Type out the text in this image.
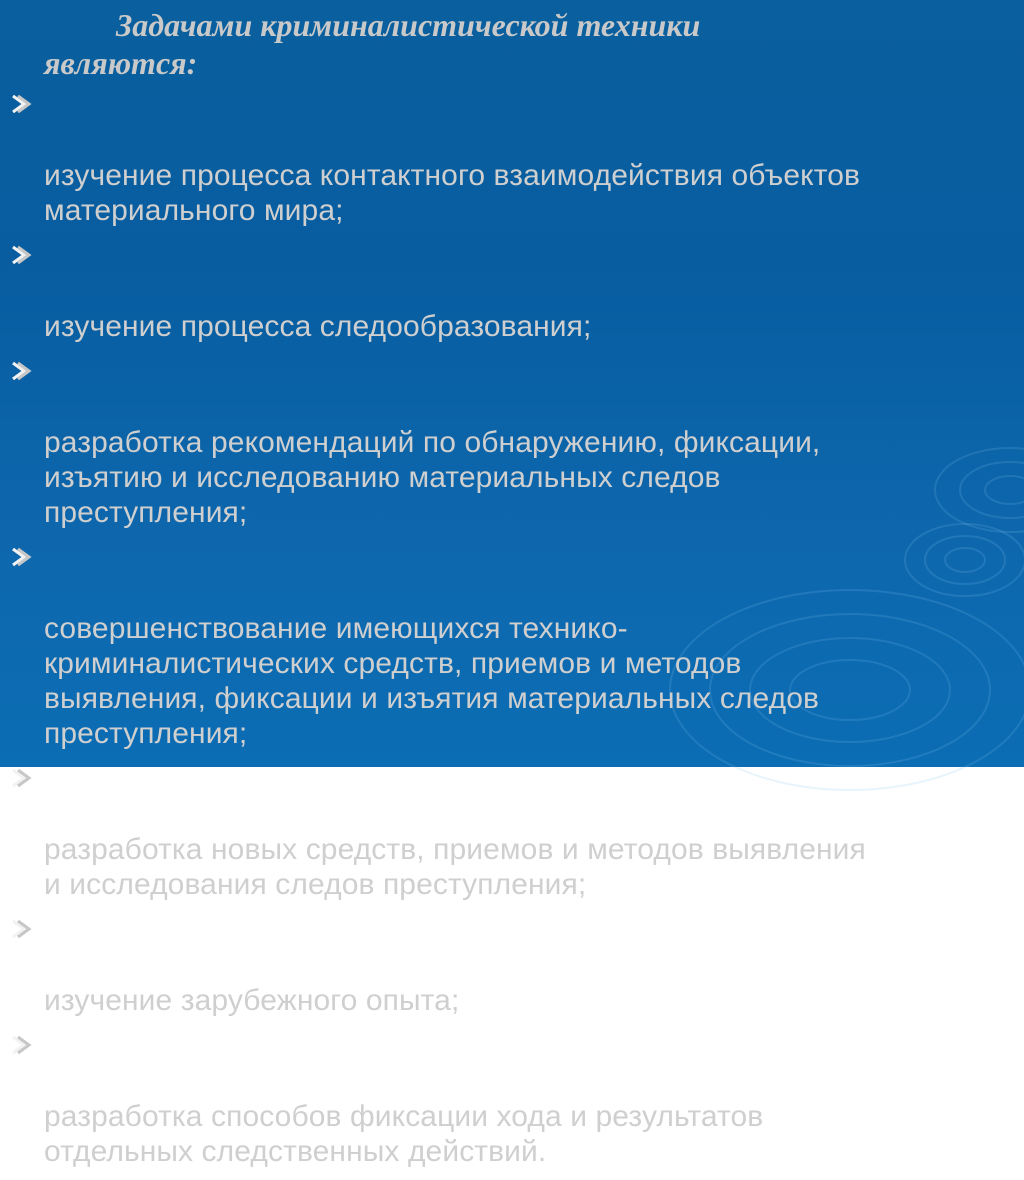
Задачами криминалистической техники
являются:

изучение процесса контактного взаимодействия объектов
материального мира;

изучение процесса следообразования;

разработка рекомендаций по обнаружению, фиксации,
изъятию и исследованию материальных следов
преступления;

совершенствование имеющихся технико-
криминалистических средств, приемов и методов
выявления, фиксации и изъятия материальных следов
преступления;

разработка новых средств, приемов и методов выявления
и исследования следов преступления;

изучение зарубежного опыта;

разработка способов фиксации хода и результатов
отдельных следственных действий.
